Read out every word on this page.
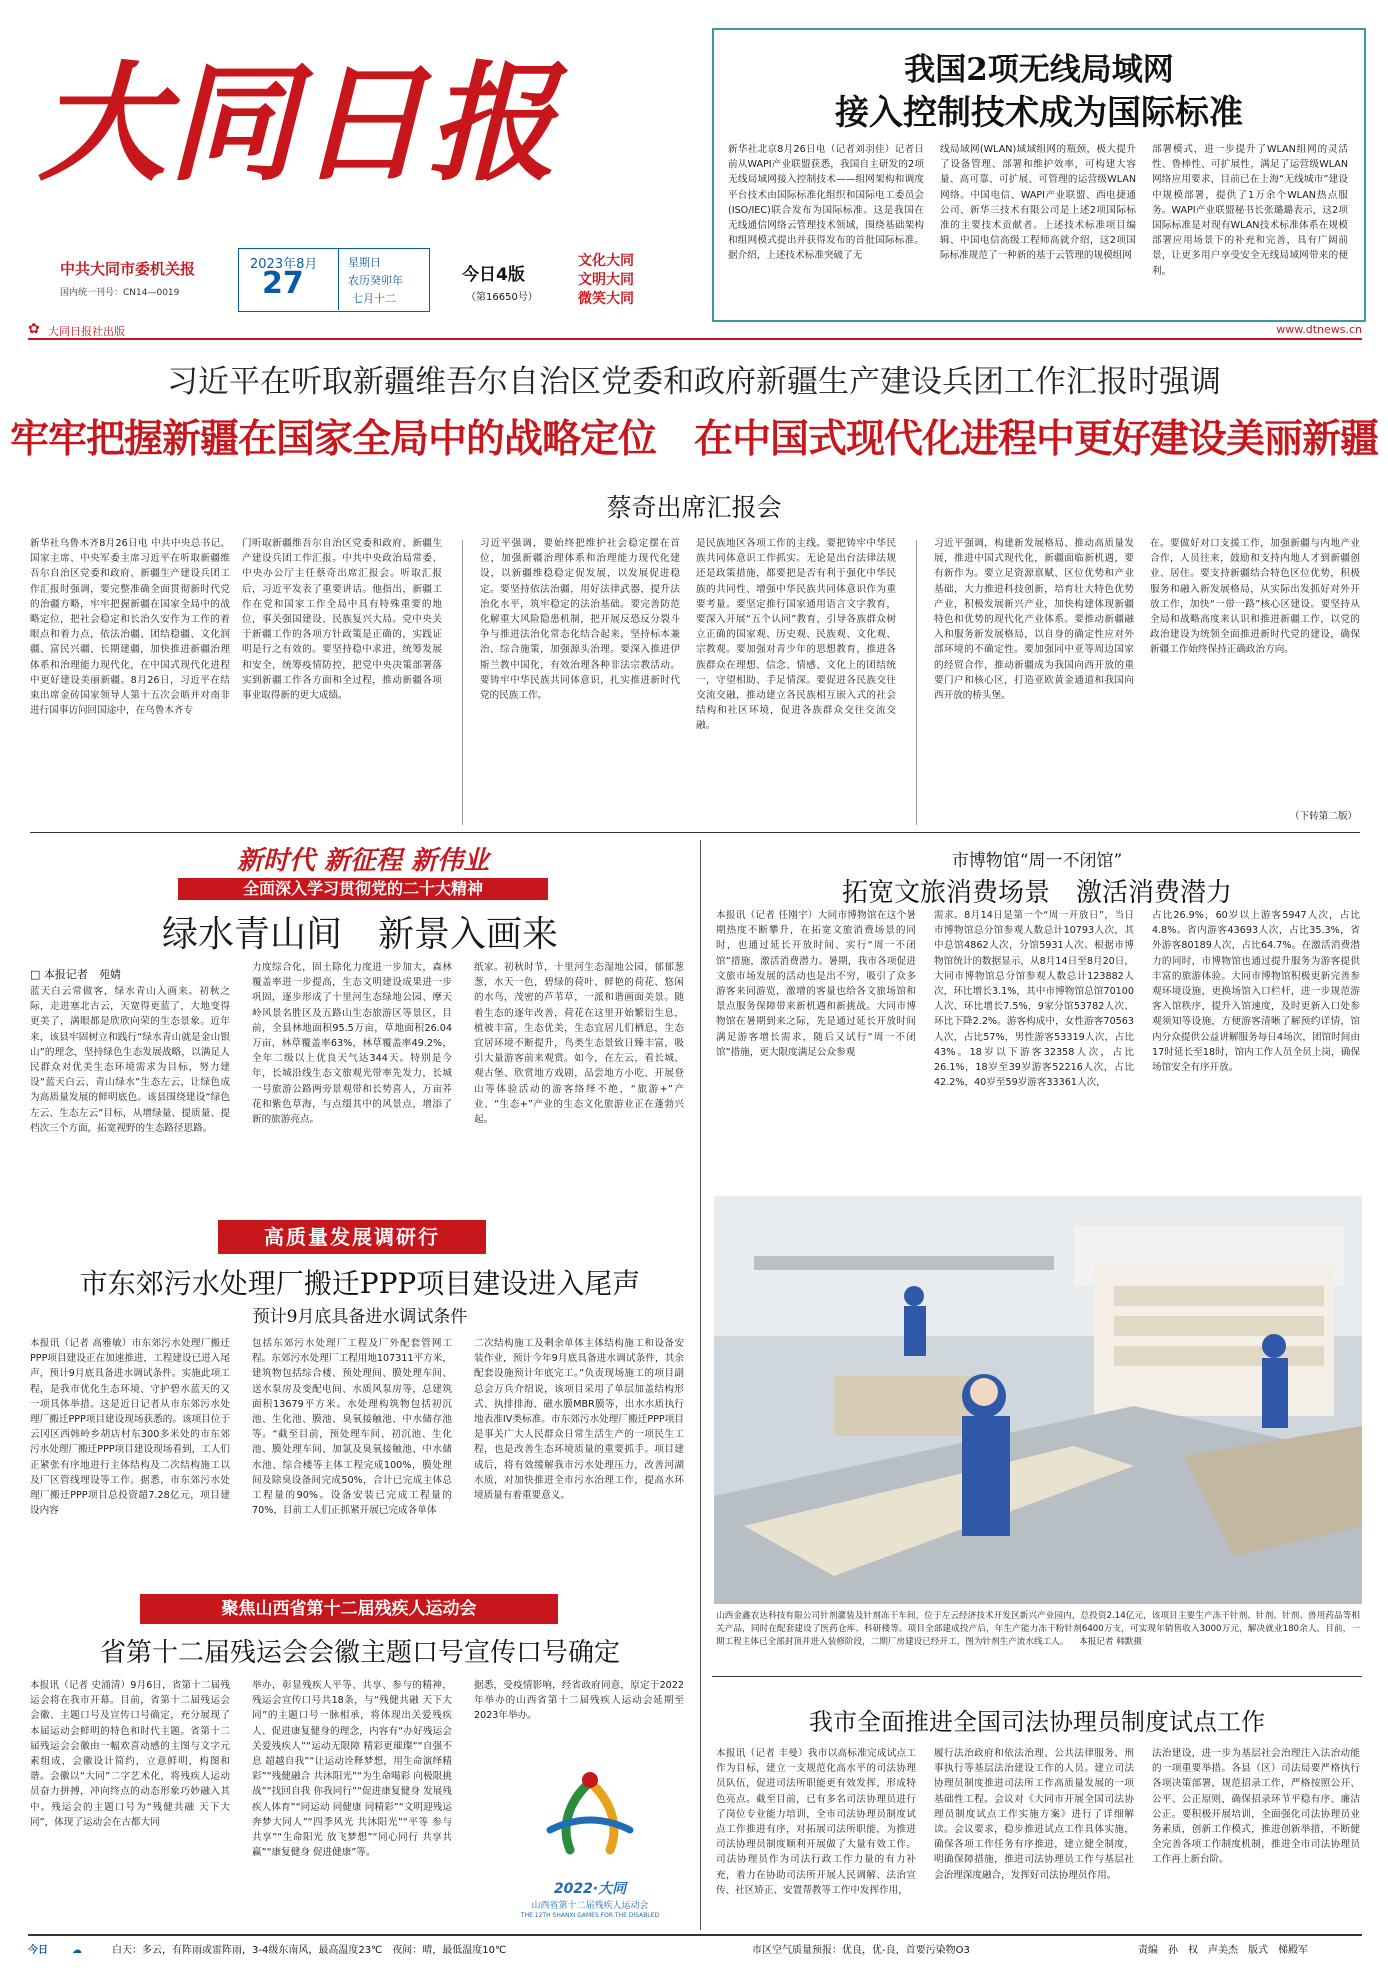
大同日报
中共大同市委机关报
国内统一刊号：CN14—0019
2023年8月
27
星期日
农历癸卯年
七月十二
今日4版
（第16650号）
文化大同
文明大同
微笑大同
我国2项无线局域网
接入控制技术成为国际标准
新华社北京8月26日电（记者刘羽佳）记者日前从WAPI产业联盟获悉，我国自主研发的2项无线局域网接入控制技术——组网架构和调度平台技术由国际标准化组织和国际电工委员会(ISO/IEC)联合发布为国际标准。这是我国在无线通信网络云管理技术领域，围绕基础架构和组网模式提出并获得发布的首批国际标准。据介绍，上述技术标准突破了无
线局域网(WLAN)域域组网的瓶颈，极大提升了设备管理、部署和维护效率，可构建大容量、高可靠、可扩展、可管理的运营级WLAN网络。中国电信、WAPI产业联盟、西电捷通公司、新华三技术有限公司是上述2项国际标准的主要技术贡献者。上述技术标准项目编辑、中国电信高级工程师高就介绍，这2项国际标准规范了一种新的基于云管理的规模组网
部署模式，进一步提升了WLAN组网的灵活性、鲁棒性、可扩展性，满足了运营级WLAN网络应用要求，目前已在上海“无线城市”建设中规模部署，提供了1万余个WLAN热点服务。WAPI产业联盟秘书长张璐璐表示，这2项国际标准是对现有WLAN技术标准体系在规模部署应用场景下的补充和完善，具有广阔前景，让更多用户享受安全无线局域网带来的便利。
✿ 大同日报社出版	www.dtnews.cn
习近平在听取新疆维吾尔自治区党委和政府新疆生产建设兵团工作汇报时强调
牢牢把握新疆在国家全局中的战略定位　在中国式现代化进程中更好建设美丽新疆
蔡奇出席汇报会
新华社乌鲁木齐8月26日电 中共中央总书记、国家主席、中央军委主席习近平在听取新疆维吾尔自治区党委和政府、新疆生产建设兵团工作汇报时强调，要完整准确全面贯彻新时代党的治疆方略，牢牢把握新疆在国家全局中的战略定位，把社会稳定和长治久安作为工作的着眼点和着力点，依法治疆、团结稳疆、文化润疆、富民兴疆、长期建疆，加快推进新疆治理体系和治理能力现代化，在中国式现代化进程中更好建设美丽新疆。8月26日，习近平在结束出席金砖国家领导人第十五次会晤并对南非进行国事访问回国途中，在乌鲁木齐专
门听取新疆维吾尔自治区党委和政府、新疆生产建设兵团工作汇报。中共中央政治局常委、中央办公厅主任蔡奇出席汇报会。听取汇报后，习近平发表了重要讲话。他指出，新疆工作在党和国家工作全局中具有特殊重要的地位，事关强国建设、民族复兴大局。党中央关于新疆工作的各项方针政策是正确的，实践证明是行之有效的。要坚持稳中求进，统筹发展和安全，统筹疫情防控，把党中央决策部署落实到新疆工作各方面和全过程，推动新疆各项事业取得新的更大成绩。
习近平强调，要始终把维护社会稳定摆在首位，加强新疆治理体系和治理能力现代化建设，以新疆维稳稳定促发展，以发展促进稳定。要坚持依法治疆，用好法律武器，提升法治化水平，筑牢稳定的法治基础。要完善防范化解重大风险隐患机制，把开展反恐反分裂斗争与推进法治化常态化结合起来，坚持标本兼治、综合施策，加强源头治理。要深入推进伊斯兰教中国化，有效治理各种非法宗教活动。要铸牢中华民族共同体意识，扎实推进新时代党的民族工作。
是民族地区各项工作的主线。要把铸牢中华民族共同体意识工作抓实。无论是出台法律法规还是政策措施，都要把是否有利于强化中华民族的共同性、增强中华民族共同体意识作为重要考量。要坚定推行国家通用语言文字教育，要深入开展“五个认同”教育，引导各族群众树立正确的国家观、历史观、民族观、文化观、宗教观。要加强对青少年的思想教育，推进各族群众在理想、信念、情感、文化上的团结统一，守望相助、手足情深。要促进各民族交往交流交融，推动建立各民族相互嵌入式的社会结构和社区环境，促进各族群众交往交流交融。
习近平强调，构建新发展格局、推动高质量发展，推进中国式现代化，新疆面临新机遇，要有新作为。要立足资源禀赋、区位优势和产业基础，大力推进科技创新，培育壮大特色优势产业，积极发展新兴产业，加快构建体现新疆特色和优势的现代化产业体系。要推动新疆融入和服务新发展格局，以自身的确定性应对外部环境的不确定性。要加强同中亚等周边国家的经贸合作，推动新疆成为我国向西开放的重要门户和核心区，打造亚欧黄金通道和我国向西开放的桥头堡。
在。要做好对口支援工作，加强新疆与内地产业合作，人员往来，鼓励和支持内地人才到新疆创业、居住。要支持新疆结合特色区位优势，积极服务和融入新发展格局，从实际出发抓好对外开放工作，加快“一带一路”核心区建设。要坚持从全局和战略高度来认识和推进新疆工作，以党的政治建设为统领全面推进新时代党的建设，确保新疆工作始终保持正确政治方向。
（下转第二版）
新时代 新征程 新伟业
全面深入学习贯彻党的二十大精神
绿水青山间　新景入画来
□ 本报记者　苑婧
蓝天白云常做客，绿水青山入画来。初秋之际，走进塞北古云，天宽得更蓝了，大地变得更美了，满眼都是欣欣向荣的生态景象。近年来，该县牢固树立和践行“绿水青山就是金山银山”的理念，坚持绿色生态发展战略，以满足人民群众对优美生态环境需求为目标，努力建设“蓝天白云、青山绿水”生态左云，让绿色成为高质量发展的鲜明底色。该县围绕建设“绿色左云、生态左云”目标，从增绿量、提质量、提档次三个方面，拓宽视野的生态路径思路。
力度综合化，固土除化力度进一步加大，森林覆盖率进一步提高，生态文明建设成果进一步巩固，逐步形成了十里河生态绿地公园、摩天岭风景名胜区及五路山生态旅游区等景区，目前，全县林地面积95.5万亩，草地面积26.04万亩，林草覆盖率63%，林草覆盖率49.2%，全年二级以上优良天气达344天。特别是今年，长城沿线生态文旅观光带率先发力，长城一号旅游公路两旁景观带和长势喜人，万亩荞花和紫色草海，与点缀其中的风景点，增添了新的旅游亮点。
纸家。初秋时节，十里河生态湿地公园，郁郁葱葱，水天一色，碧绿的荷叶、鲜艳的荷花、悠闲的水鸟，茂密的芦苇草，一派和谐画面美景。随着生态的逐年改善，荷花在这里开始繁衍生息，植被丰富，生态优美，生态宜居儿们栖息，生态宜居环境不断提升，鸟类生态景致日臻丰富，吸引大量游客前来观赏。如今，在左云，看长城、观古堡、欣赏地方戏剧，品尝地方小吃、开展登山等体验活动的游客络绎不绝，“旅游+”产业、“生态+”产业的生态文化旅游业正在蓬勃兴起。
高质量发展调研行
市东郊污水处理厂搬迁PPP项目建设进入尾声
预计9月底具备进水调试条件
本报讯（记者 高雅敏）市东郊污水处理厂搬迁PPP项目建设正在加速推进，工程建设已进入尾声，预计9月底具备进水调试条件。实施此项工程，是我市优化生态环境、守护碧水蓝天的又一项具体举措。这是近日记者从市东郊污水处理厂搬迁PPP项目建设现场获悉的。该项目位于云冈区西韩岭乡胡店村东300多米处的市东郊污水处理厂搬迁PPP项目建设现场看到，工人们正紧张有序地进行主体结构及二次结构施工以及厂区管线埋设等工作。据悉，市东郊污水处理厂搬迁PPP项目总投资超7.28亿元，项目建设内容
包括东郊污水处理厂工程及厂外配套管网工程。东郊污水处理厂工程用地107311平方米，建筑物包括综合楼、预处理间、膜处理车间、送水泵房及变配电间、水质风泵房等，总建筑面积13679平方米。水处理构筑物包括初沉池、生化池、膜池、臭氧接触池、中水储存池等。“截至目前，预处理车间、初沉池、生化池、膜处理车间、加氯及臭氧接触池、中水储水池、综合楼等主体工程完成100%，膜处理间及除臭设备间完成50%，合计已完成主体总工程量的90%。设备安装已完成工程量的70%，目前工人们正抓紧开展已完成各单体
二次结构施工及剩余单体主体结构施工和设备安装作业，预计今年9月底具备进水调试条件，其余配套设施预计年底完工。”负责现场施工的项目副总会万兵介绍说，该项目采用了单层加盖结构形式、执排排海、磁水膜MBR膜等，出水水质执行地表准IV类标准。市东郊污水处理厂搬迁PPP项目是事关广大人民群众日常生活生产的一项民生工程，也是改善生态环境质量的重要抓手。项目建成后，将有效缓解我市污水处理压力，改善河湖水质，对加快推进全市污水治理工作，提高水环境质量有着重要意义。
聚焦山西省第十二届残疾人运动会
省第十二届残运会会徽主题口号宣传口号确定
本报讯（记者 史涌清）9月6日，省第十二届残运会将在我市开幕。目前，省第十二届残运会会徽、主题口号及宣传口号确定，充分展现了本届运动会鲜明的特色和时代主题。省第十二届残运会会徽由一幅欢喜动感的主图与文字元素组成，会徽设计简约，立意鲜明，构图和谐。会徽以“大同”二字艺术化，将残疾人运动员奋力拼搏，冲向终点的动态形象巧妙融入其中。残运会的主题口号为“残健共融 天下大同”，体现了运动会在古都大同
举办，彰显残疾人平等、共享、参与的精神，残运会宣传口号共18条，与“残健共融 天下大同”的主题口号一脉相承，将体现出关爱残疾人、促进康复健身的理念，内容有“办好残运会 关爱残疾人”“运动无限障 精彩更璀璨”“自强不息 超越自我”“让运动诠释梦想，用生命演绎精彩”“残健融合 共沐阳光”“为生命喝彩 向极限挑战”“找回自我 你我同行”“促进康复健身 发展残疾人体育”“同运动 同健康 同精彩”“文明迎残运 奔梦大同人”“四季风光 共沐阳光”“平等 参与 共享”“生命阳光 放飞梦想”“同心同行 共享共赢”“康复健身 促进健康”等。
据悉，受疫情影响，经省政府同意，原定于2022年举办的山西省第十二届残疾人运动会延期至2023年举办。
2022·大同
山西省第十二届残疾人运动会
THE 12TH SHANXI GAMES FOR THE DISABLED
市博物馆“周一不闭馆”
拓宽文旅消费场景　激活消费潜力
本报讯（记者 任刚宇）大同市博物馆在这个暑期热度不断攀升，在拓宽文旅消费场景的同时，也通过延长开放时间、实行“周一不闭馆”措施，激活消费潜力。暑期，我市各项促进文旅市场发展的活动也是出不穷，吸引了众多游客来同游览，激增的客量也给各文旅场馆和景点服务保障带来新机遇和新挑战。大同市博物馆在暑期到来之际，先是通过延长开放时间满足游客增长需求，随后又试行“周一不闭馆”措施，更大限度满足公众参观
需求。8月14日是第一个“周一开放日”，当日市博物馆总分馆参观人数总计10793人次，其中总馆4862人次，分馆5931人次。根据市博物馆统计的数据显示，从8月14日至8月20日，大同市博物馆总分馆参观人数总计123882人次，环比增长3.1%，其中市博物馆总馆70100人次、环比增长7.5%，9家分馆53782人次、环比下降2.2%。游客构成中，女性游客70563人次，占比57%，男性游客53319人次，占比43%。18岁以下游客32358人次，占比26.1%，18岁至39岁游客52216人次，占比42.2%，40岁至59岁游客33361人次，
占比26.9%，60岁以上游客5947人次，占比4.8%。省内游客43693人次，占比35.3%，省外游客80189人次，占比64.7%。在激活消费潜力的同时，市博物馆也通过提升服务为游客提供丰富的旅游体验。大同市博物馆积极更新完善参观环境设施，更换场馆入口栏杆，进一步规范游客入馆秩序，提升入馆速度，及时更新入口处参观须知等设施，方便游客清晰了解预约详情，馆内分众提供公益讲解服务每日4场次，团馆时间由17时延长至18时，馆内工作人员全员上岗，确保场馆安全有序开放。
山西金鑫农达科技有限公司针剂灌装及针剂冻干车间，位于左云经济技术开发区新兴产业园内，总投资2.14亿元，该项目主要生产冻干针剂、针剂、针剂、兽用药品等相关产品，同时在配套建设了医药仓库、科研楼等。项目全部建成投产后，年生产能力冻干粉针剂6400万支，可实现年销售收入3000万元，解决就业180余人。目前，一期工程主体已全部封顶并进入装修阶段，二期厂房建设已经开工，图为针剂生产流水线工人。 本报记者 韩默摄
我市全面推进全国司法协理员制度试点工作
本报讯（记者 丰曼）我市以高标准完成试点工作为目标，建立一支规范化高水平的司法协理员队伍，促进司法所职能更有效发挥，形成特色亮点。截至目前，已有多名司法协理员进行了岗位专业能力培训，全市司法协理员制度试点工作推进有序，对拓展司法所职能，为推进司法协理员制度顺利开展做了大量有效工作。司法协理员作为司法行政工作力量的有力补充，着力在协助司法所开展人民调解、法治宣传、社区矫正、安置帮教等工作中发挥作用，
履行法治政府和依法治理、公共法律服务、刑事执行等基层法治建设工作的人员。建立司法协理员制度推进司法所工作高质量发展的一项基础性工程。会议对《大同市开展全国司法协理员制度试点工作实施方案》进行了详细解读。会议要求，稳步推进试点工作具体实施，确保各项工作任务有序推进，建立健全制度，明确保障措施，推进司法协理员工作与基层社会治理深度融合，发挥好司法协理员作用。
法治建设，进一步为基层社会治理注入法治动能的一项重要举措。各县（区）司法局要严格执行各项决策部署，规范招录工作，严格按照公开、公平、公正原则，确保招录环节平稳有序、廉洁公正。要积极开展培训，全面强化司法协理员业务素质，创新工作模式，推进创新举措，不断健全完善各项工作制度机制，推进全市司法协理员工作再上新台阶。
今日 ☁	白天：多云，有阵雨或雷阵雨，3-4级东南风，最高温度23℃　夜间：晴，最低温度10℃	市区空气质量预报：优良，优-良，首要污染物O3	责编　孙　权　声美杰　版式　梯殿军
